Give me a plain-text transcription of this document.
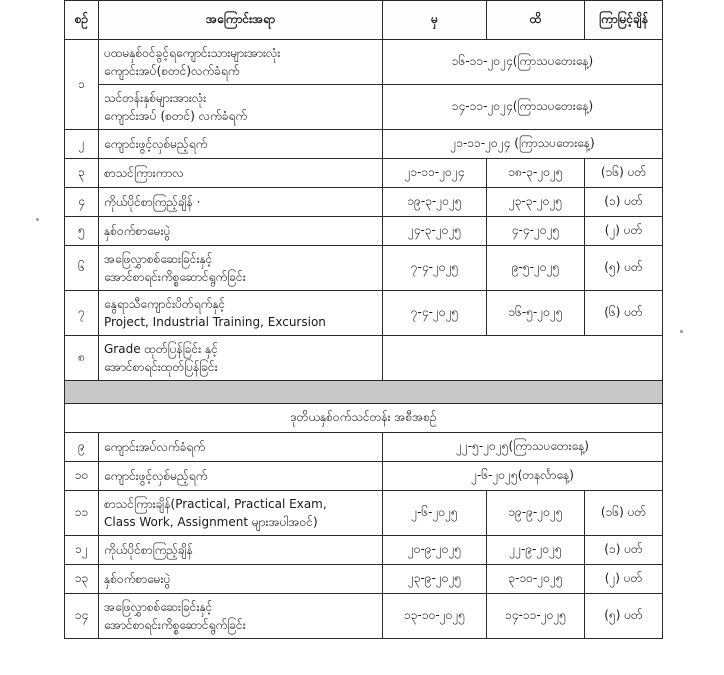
စဉ်	အကြောင်းအရာ	မှ	ထိ	ကြာမြင့်ချိန်
၁	ပထမနှစ်ဝင်ခွင့်ရကျောင်းသားများအားလုံး
ကျောင်းအပ်(စတင်)လက်ခံရက်	၁၆-၁၁-၂၀၂၄(ကြာသပတေးနေ့)		

	သင်တန်းနှစ်များအားလုံး
ကျောင်းအပ် (စတင်) လက်ခံရက်	၁၄-၁၁-၂၀၂၄(ကြာသပတေးနေ့)		
၂	ကျောင်းဖွင့်လှစ်မည့်ရက်	၂၁-၁၁-၂၀၂၄ (ကြာသပတေးနေ့)		
၃	စာသင်ကြားကာလ	၂၁-၁၁-၂၀၂၄	၁၈-၃-၂၀၂၅	(၁၆) ပတ်
၄	ကိုယ်ပိုင်စာကြည့်ချိန် ·	၁၉-၃-၂၀၂၅	၂၃-၃-၂၀၂၅	(၁) ပတ်
၅	နှစ်ဝက်စာမေးပွဲ	၂၄-၃-၂၀၂၅	၄-၄-၂၀၂၅	(၂) ပတ်
၆	အဖြေလွှာစစ်ဆေးခြင်းနှင့်
အောင်စာရင်းကိစ္စဆောင်ရွက်ခြင်း	၇-၄-၂၀၂၅	၉-၅-၂၀၂၅	(၅) ပတ်
၇	နွေရာသီကျောင်းပိတ်ရက်နှင့်
Project, Industrial Training, Excursion	၇-၄-၂၀၂၅	၁၆-၅-၂၀၂၅	(၆) ပတ်
၈	Grade ထုတ်ပြန်ခြင်း နှင့်
အောင်စာရင်းထုတ်ပြန်ခြင်း			

ဒုတိယနှစ်ဝက်သင်တန်း အစီအစဉ်				
၉	ကျောင်းအပ်လက်ခံရက်	၂၂-၅-၂၀၂၅(ကြာသပတေးနေ့)		
၁၀	ကျောင်းဖွင့်လှစ်မည့်ရက်	၂-၆-၂၀၂၅(တနင်္လာနေ့)		
၁၁	စာသင်ကြားချိန်(Practical, Practical Exam,
Class Work, Assignment များအပါအဝင်)	၂-၆-၂၀၂၅	၁၉-၉-၂၀၂၅	(၁၆) ပတ်
၁၂	ကိုယ်ပိုင်စာကြည့်ချိန်	၂၀-၉-၂၀၂၅	၂၂-၉-၂၀၂၅	(၁) ပတ်
၁၃	နှစ်ဝက်စာမေးပွဲ	၂၃-၉-၂၀၂၅	၃-၁၀-၂၀၂၅	(၂) ပတ်
၁၄	အဖြေလွှာစစ်ဆေးခြင်းနှင့်
အောင်စာရင်းကိစ္စဆောင်ရွက်ခြင်း	၁၃-၁၀-၂၀၂၅	၁၄-၁၁-၂၀၂၅	(၅) ပတ်
